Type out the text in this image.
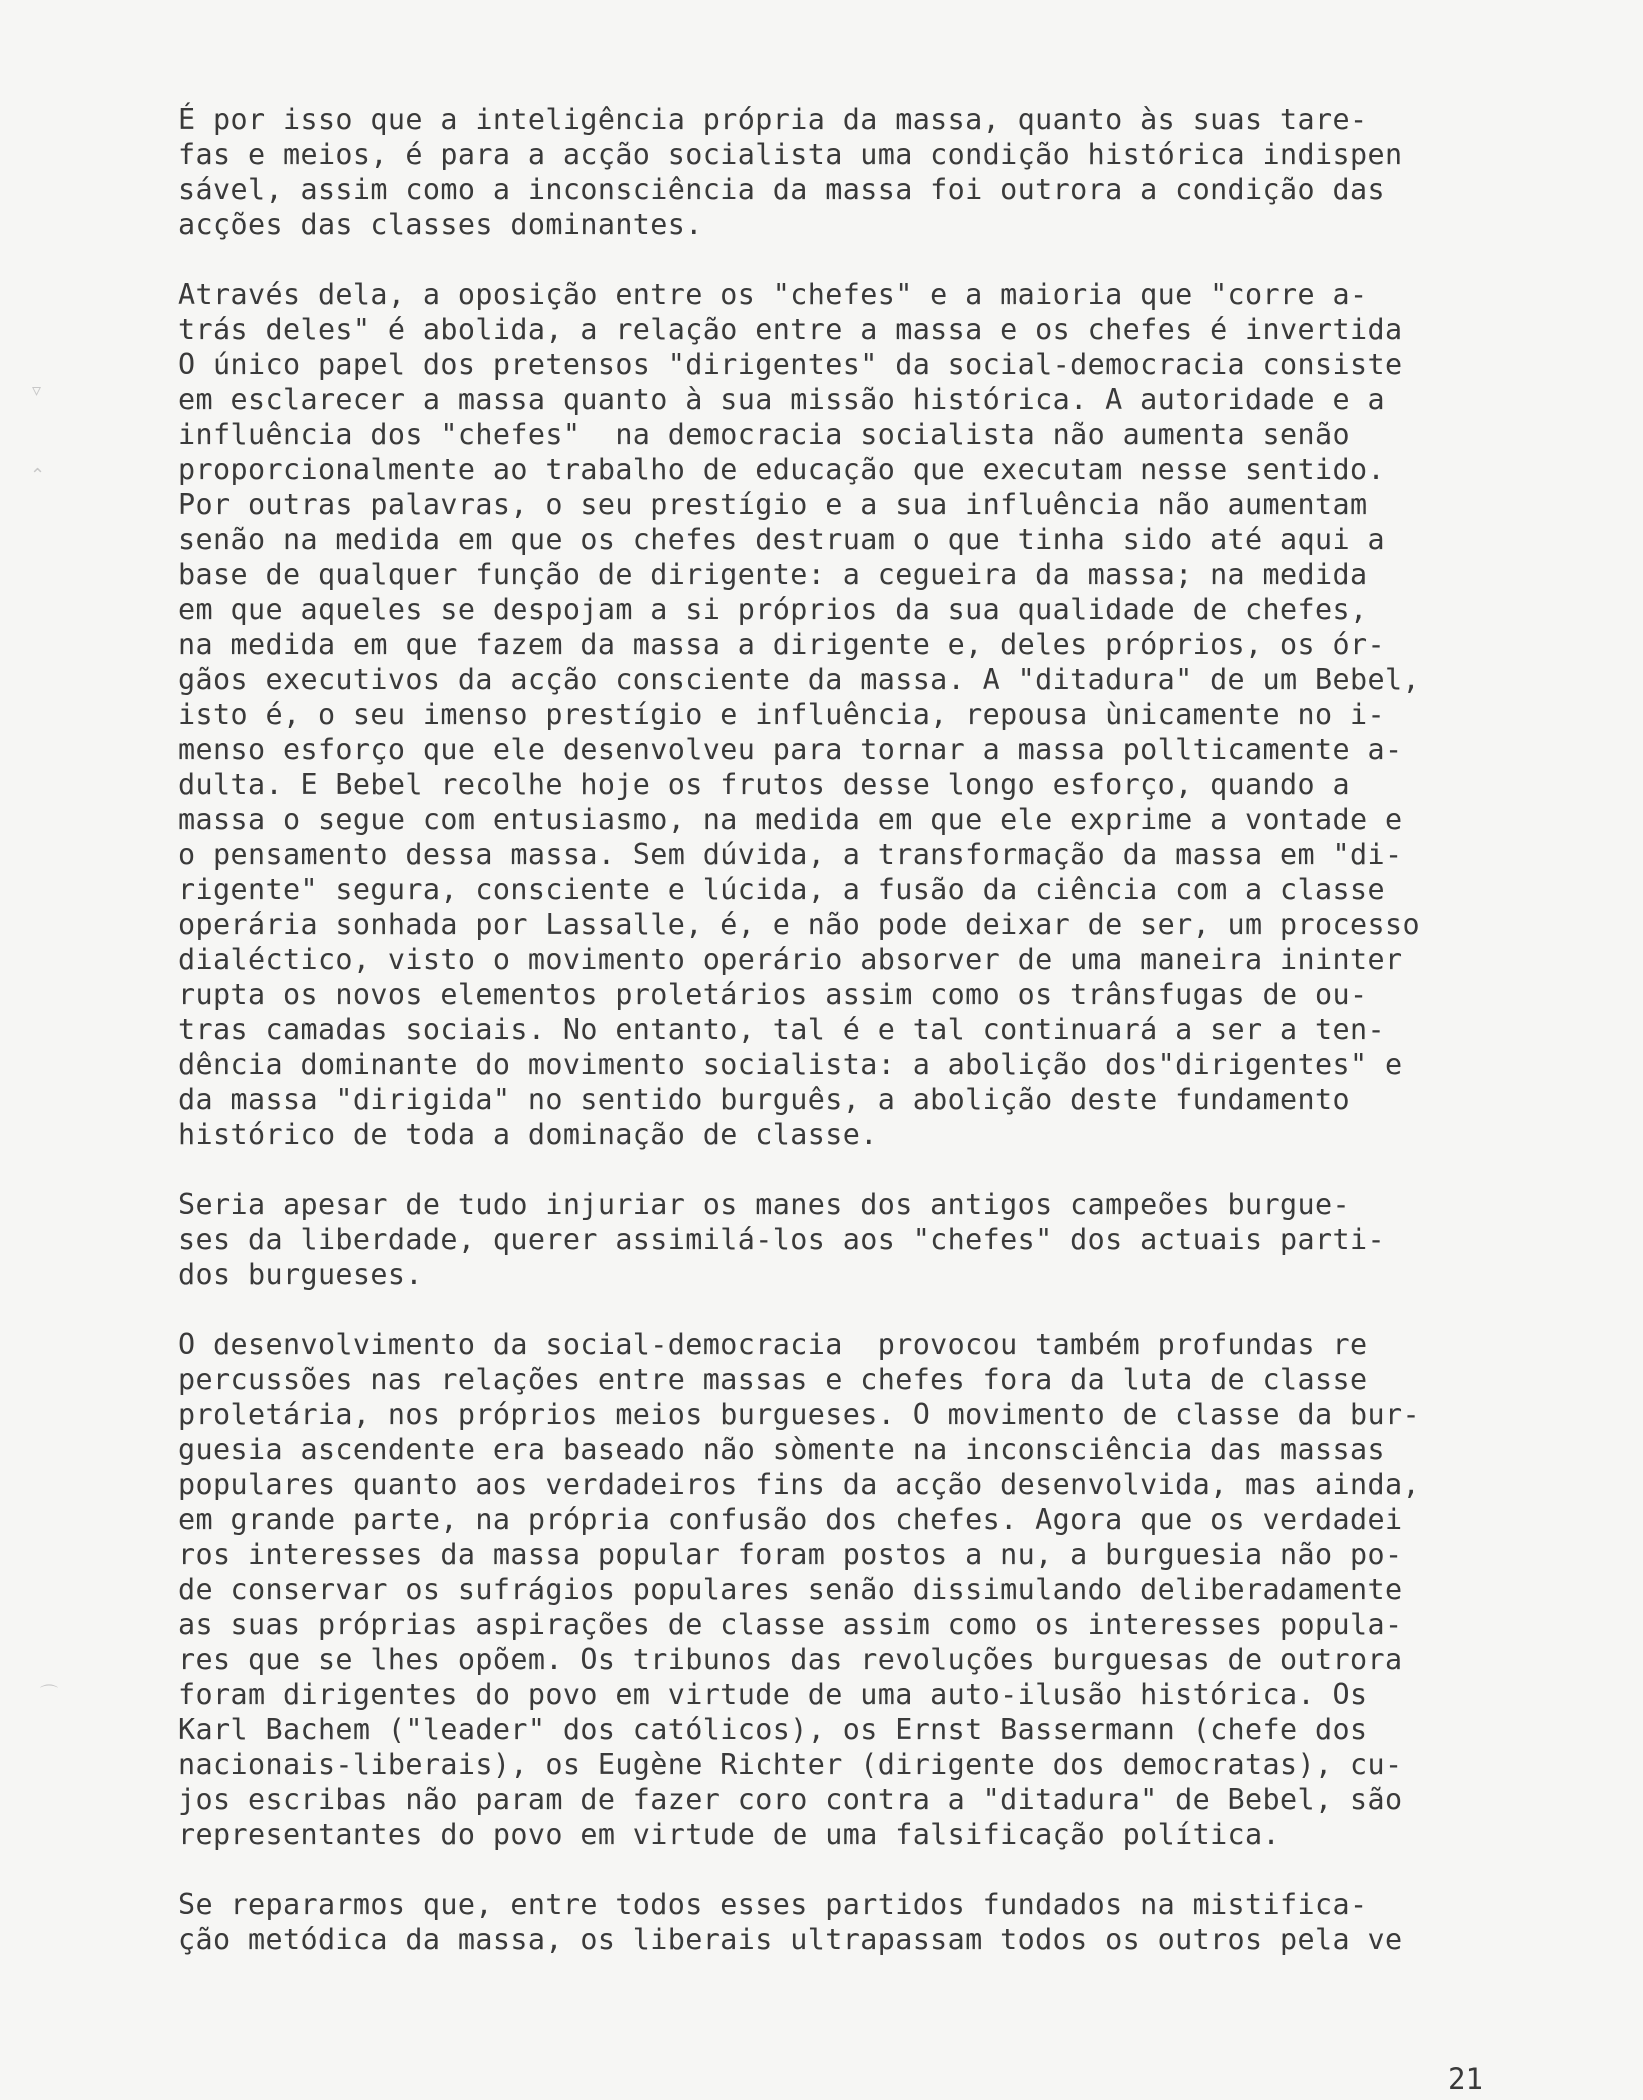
É por isso que a inteligência própria da massa, quanto às suas tare-
fas e meios, é para a acção socialista uma condição histórica indispen
sável, assim como a inconsciência da massa foi outrora a condição das
acções das classes dominantes.
Através dela, a oposição entre os "chefes" e a maioria que "corre a-
trás deles" é abolida, a relação entre a massa e os chefes é invertida
O único papel dos pretensos "dirigentes" da social-democracia consiste
em esclarecer a massa quanto à sua missão histórica. A autoridade e a
influência dos "chefes"  na democracia socialista não aumenta senão
proporcionalmente ao trabalho de educação que executam nesse sentido.
Por outras palavras, o seu prestígio e a sua influência não aumentam
senão na medida em que os chefes destruam o que tinha sido até aqui a
base de qualquer função de dirigente: a cegueira da massa; na medida
em que aqueles se despojam a si próprios da sua qualidade de chefes,
na medida em que fazem da massa a dirigente e, deles próprios, os ór-
gãos executivos da acção consciente da massa. A "ditadura" de um Bebel,
isto é, o seu imenso prestígio e influência, repousa ùnicamente no i-
menso esforço que ele desenvolveu para tornar a massa pollticamente a-
dulta. E Bebel recolhe hoje os frutos desse longo esforço, quando a
massa o segue com entusiasmo, na medida em que ele exprime a vontade e
o pensamento dessa massa. Sem dúvida, a transformação da massa em "di-
rigente" segura, consciente e lúcida, a fusão da ciência com a classe
operária sonhada por Lassalle, é, e não pode deixar de ser, um processo
dialéctico, visto o movimento operário absorver de uma maneira ininter
rupta os novos elementos proletários assim como os trânsfugas de ou-
tras camadas sociais. No entanto, tal é e tal continuará a ser a ten-
dência dominante do movimento socialista: a abolição dos"dirigentes" e
da massa "dirigida" no sentido burguês, a abolição deste fundamento
histórico de toda a dominação de classe.
Seria apesar de tudo injuriar os manes dos antigos campeões burgue-
ses da liberdade, querer assimilá-los aos "chefes" dos actuais parti-
dos burgueses.
O desenvolvimento da social-democracia  provocou também profundas re
percussões nas relações entre massas e chefes fora da luta de classe
proletária, nos próprios meios burgueses. O movimento de classe da bur-
guesia ascendente era baseado não sòmente na inconsciência das massas
populares quanto aos verdadeiros fins da acção desenvolvida, mas ainda,
em grande parte, na própria confusão dos chefes. Agora que os verdadei
ros interesses da massa popular foram postos a nu, a burguesia não po-
de conservar os sufrágios populares senão dissimulando deliberadamente
as suas próprias aspirações de classe assim como os interesses popula-
res que se lhes opõem. Os tribunos das revoluções burguesas de outrora
foram dirigentes do povo em virtude de uma auto-ilusão histórica. Os
Karl Bachem ("leader" dos católicos), os Ernst Bassermann (chefe dos
nacionais-liberais), os Eugène Richter (dirigente dos democratas), cu-
jos escribas não param de fazer coro contra a "ditadura" de Bebel, são
representantes do povo em virtude de uma falsificação política.
Se repararmos que, entre todos esses partidos fundados na mistifica-
ção metódica da massa, os liberais ultrapassam todos os outros pela ve
21
▿
⌃
⌒
